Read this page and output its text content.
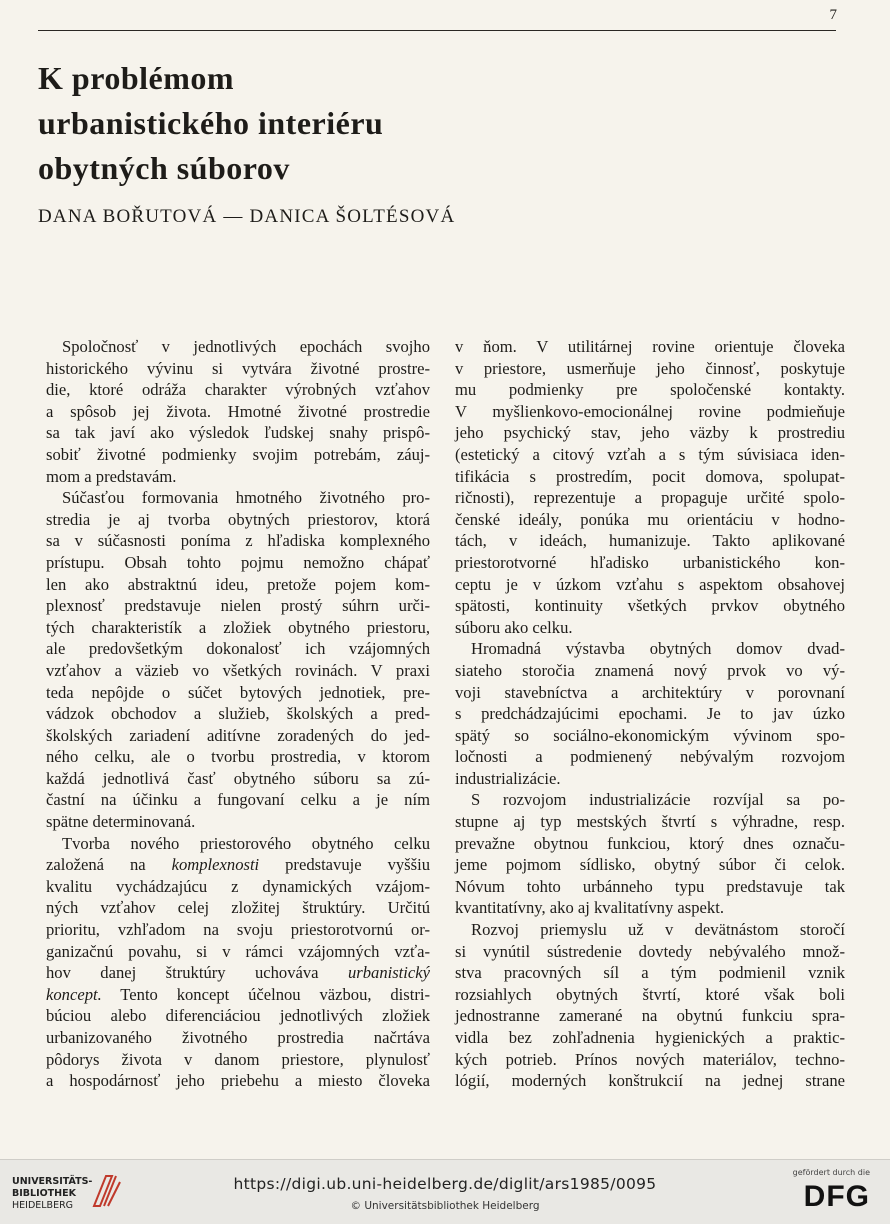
7
K problémom
urbanistického interiéru
obytných súborov
DANA BOŘUTOVÁ — DANICA ŠOLTÉSOVÁ
Spoločnosť v jednotlivých epochách svojho
historického vývinu si vytvára životné prostre-
die, ktoré odráža charakter výrobných vzťahov
a spôsob jej života. Hmotné životné prostredie
sa tak javí ako výsledok ľudskej snahy prispô-
sobiť životné podmienky svojim potrebám, záuj-
mom a predstavám.
Súčasťou formovania hmotného životného pro-
stredia je aj tvorba obytných priestorov, ktorá
sa v súčasnosti poníma z hľadiska komplexného
prístupu. Obsah tohto pojmu nemožno chápať
len ako abstraktnú ideu, pretože pojem kom-
plexnosť predstavuje nielen prostý súhrn urči-
tých charakteristík a zložiek obytného priestoru,
ale predovšetkým dokonalosť ich vzájomných
vzťahov a väzieb vo všetkých rovinách. V praxi
teda nepôjde o súčet bytových jednotiek, pre-
vádzok obchodov a služieb, školských a pred-
školských zariadení aditívne zoradených do jed-
ného celku, ale o tvorbu prostredia, v ktorom
každá jednotlivá časť obytného súboru sa zú-
častní na účinku a fungovaní celku a je ním
spätne determinovaná.
Tvorba nového priestorového obytného celku
založená na komplexnosti predstavuje vyššiu
kvalitu vychádzajúcu z dynamických vzájom-
ných vzťahov celej zložitej štruktúry. Určitú
prioritu, vzhľadom na svoju priestorotvornú or-
ganizačnú povahu, si v rámci vzájomných vzťa-
hov danej štruktúry uchováva urbanistický
koncept. Tento koncept účelnou väzbou, distri-
búciou alebo diferenciáciou jednotlivých zložiek
urbanizovaného životného prostredia načrtáva
pôdorys života v danom priestore, plynulosť
a hospodárnosť jeho priebehu a miesto človeka
v ňom. V utilitárnej rovine orientuje človeka
v priestore, usmerňuje jeho činnosť, poskytuje
mu podmienky pre spoločenské kontakty.
V myšlienkovo-emocionálnej rovine podmieňuje
jeho psychický stav, jeho väzby k prostrediu
(estetický a citový vzťah a s tým súvisiaca iden-
tifikácia s prostredím, pocit domova, spolupat-
ričnosti), reprezentuje a propaguje určité spolo-
čenské ideály, ponúka mu orientáciu v hodno-
tách, v ideách, humanizuje. Takto aplikované
priestorotvorné hľadisko urbanistického kon-
ceptu je v úzkom vzťahu s aspektom obsahovej
spätosti, kontinuity všetkých prvkov obytného
súboru ako celku.
Hromadná výstavba obytných domov dvad-
siateho storočia znamená nový prvok vo vý-
voji stavebníctva a architektúry v porovnaní
s predchádzajúcimi epochami. Je to jav úzko
spätý so sociálno-ekonomickým vývinom spo-
ločnosti a podmienený nebývalým rozvojom
industrializácie.
S rozvojom industrializácie rozvíjal sa po-
stupne aj typ mestských štvrtí s výhradne, resp.
prevažne obytnou funkciou, ktorý dnes označu-
jeme pojmom sídlisko, obytný súbor či celok.
Nóvum tohto urbánneho typu predstavuje tak
kvantitatívny, ako aj kvalitatívny aspekt.
Rozvoj priemyslu už v devätnástom storočí
si vynútil sústredenie dovtedy nebývalého množ-
stva pracovných síl a tým podmienil vznik
rozsiahlych obytných štvrtí, ktoré však boli
jednostranne zamerané na obytnú funkciu spra-
vidla bez zohľadnenia hygienických a praktic-
kých potrieb. Prínos nových materiálov, techno-
lógií, moderných konštrukcií na jednej strane
UNIVERSITÄTS-
BIBLIOTHEK
HEIDELBERG
https://digi.ub.uni-heidelberg.de/diglit/ars1985/0095
© Universitätsbibliothek Heidelberg
gefördert durch die
DFG
